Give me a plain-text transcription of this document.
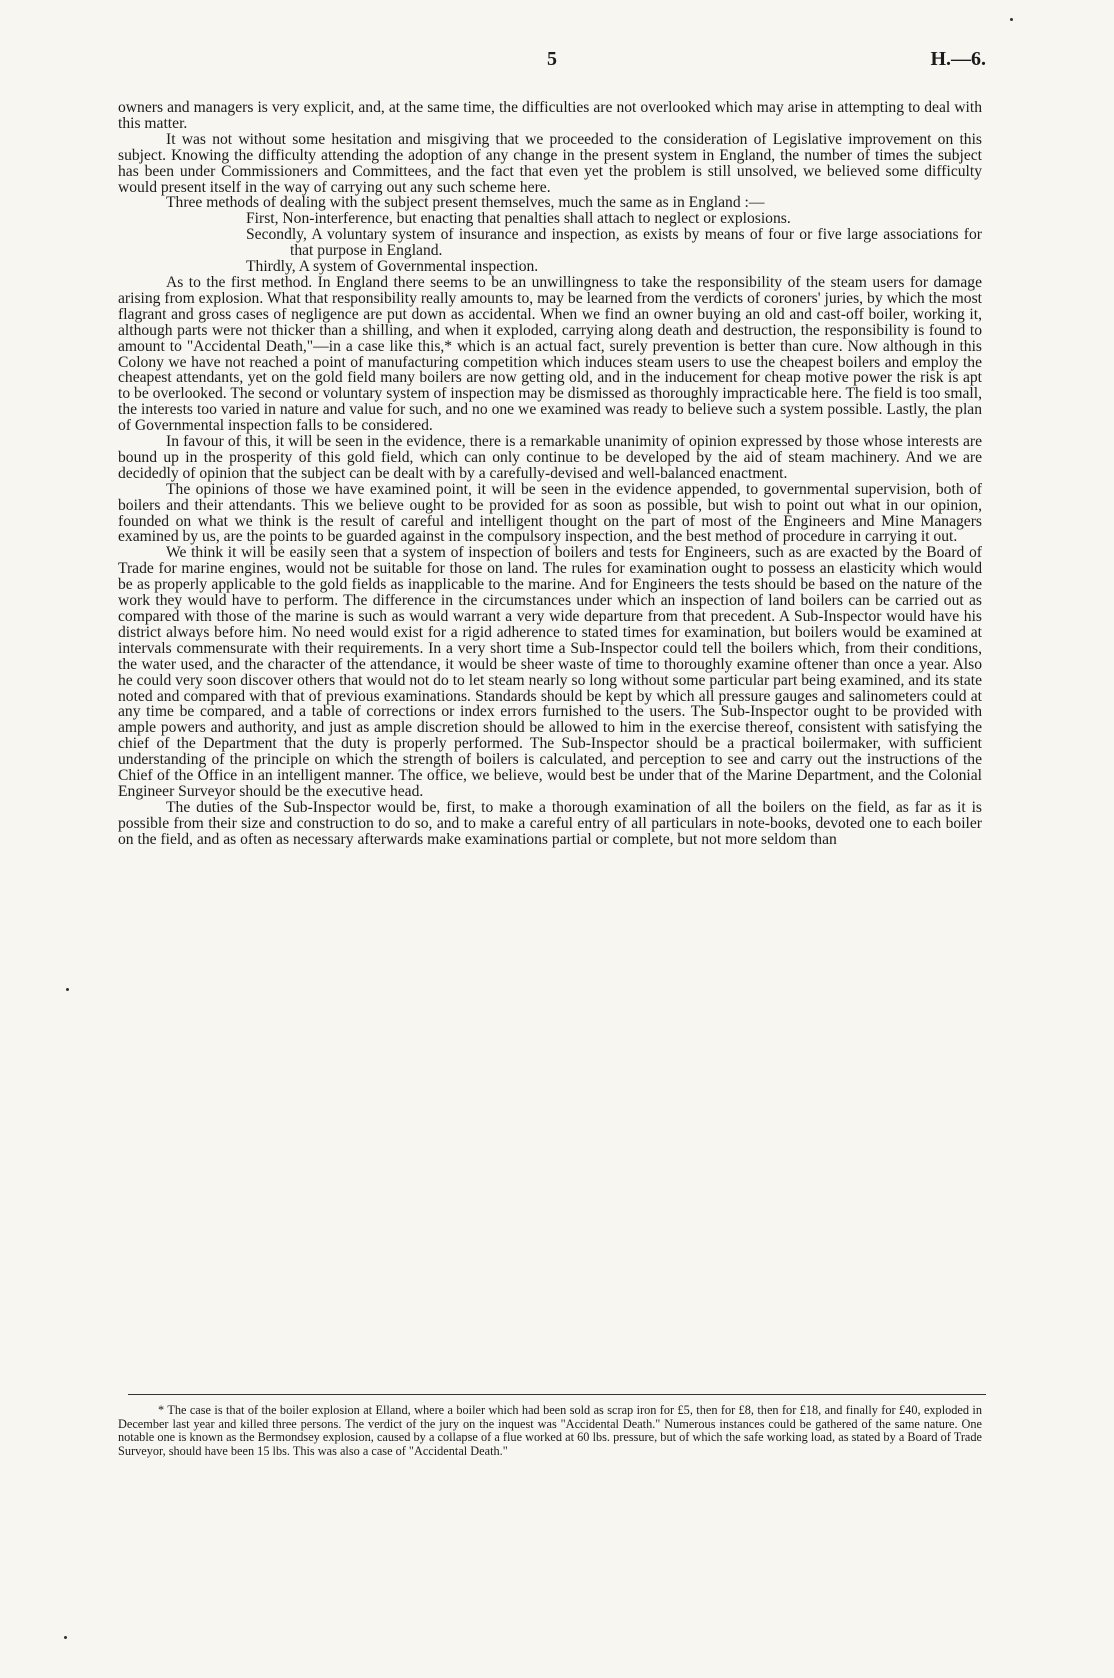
5	H.—6.

owners and managers is very explicit, and, at the same time, the difficulties are not overlooked which may arise in attempting to deal with this matter.

It was not without some hesitation and misgiving that we proceeded to the consideration of Legislative improvement on this subject. Knowing the difficulty attending the adoption of any change in the present system in England, the number of times the subject has been under Commissioners and Committees, and the fact that even yet the problem is still unsolved, we believed some difficulty would present itself in the way of carrying out any such scheme here.

Three methods of dealing with the subject present themselves, much the same as in England :—

First, Non-interference, but enacting that penalties shall attach to neglect or explosions.

Secondly, A voluntary system of insurance and inspection, as exists by means of four or five large associations for that purpose in England.

Thirdly, A system of Governmental inspection.

As to the first method. In England there seems to be an unwillingness to take the responsibility of the steam users for damage arising from explosion. What that responsibility really amounts to, may be learned from the verdicts of coroners' juries, by which the most flagrant and gross cases of negligence are put down as accidental. When we find an owner buying an old and cast-off boiler, working it, although parts were not thicker than a shilling, and when it exploded, carrying along death and destruction, the responsibility is found to amount to "Accidental Death,"—in a case like this,* which is an actual fact, surely prevention is better than cure. Now although in this Colony we have not reached a point of manufacturing competition which induces steam users to use the cheapest boilers and employ the cheapest attendants, yet on the gold field many boilers are now getting old, and in the inducement for cheap motive power the risk is apt to be overlooked. The second or voluntary system of inspection may be dismissed as thoroughly impracticable here. The field is too small, the interests too varied in nature and value for such, and no one we examined was ready to believe such a system possible. Lastly, the plan of Governmental inspection falls to be considered.

In favour of this, it will be seen in the evidence, there is a remarkable unanimity of opinion expressed by those whose interests are bound up in the prosperity of this gold field, which can only continue to be developed by the aid of steam machinery. And we are decidedly of opinion that the subject can be dealt with by a carefully-devised and well-balanced enactment.

The opinions of those we have examined point, it will be seen in the evidence appended, to governmental supervision, both of boilers and their attendants. This we believe ought to be provided for as soon as possible, but wish to point out what in our opinion, founded on what we think is the result of careful and intelligent thought on the part of most of the Engineers and Mine Managers examined by us, are the points to be guarded against in the compulsory inspection, and the best method of procedure in carrying it out.

We think it will be easily seen that a system of inspection of boilers and tests for Engineers, such as are exacted by the Board of Trade for marine engines, would not be suitable for those on land. The rules for examination ought to possess an elasticity which would be as properly applicable to the gold fields as inapplicable to the marine. And for Engineers the tests should be based on the nature of the work they would have to perform. The difference in the circumstances under which an inspection of land boilers can be carried out as compared with those of the marine is such as would warrant a very wide departure from that precedent. A Sub-Inspector would have his district always before him. No need would exist for a rigid adherence to stated times for examination, but boilers would be examined at intervals commensurate with their requirements. In a very short time a Sub-Inspector could tell the boilers which, from their conditions, the water used, and the character of the attendance, it would be sheer waste of time to thoroughly examine oftener than once a year. Also he could very soon discover others that would not do to let steam nearly so long without some particular part being examined, and its state noted and compared with that of previous examinations. Standards should be kept by which all pressure gauges and salinometers could at any time be compared, and a table of corrections or index errors furnished to the users. The Sub-Inspector ought to be provided with ample powers and authority, and just as ample discretion should be allowed to him in the exercise thereof, consistent with satisfying the chief of the Department that the duty is properly performed. The Sub-Inspector should be a practical boilermaker, with sufficient understanding of the principle on which the strength of boilers is calculated, and perception to see and carry out the instructions of the Chief of the Office in an intelligent manner. The office, we believe, would best be under that of the Marine Department, and the Colonial Engineer Surveyor should be the executive head.

The duties of the Sub-Inspector would be, first, to make a thorough examination of all the boilers on the field, as far as it is possible from their size and construction to do so, and to make a careful entry of all particulars in note-books, devoted one to each boiler on the field, and as often as necessary afterwards make examinations partial or complete, but not more seldom than

* The case is that of the boiler explosion at Elland, where a boiler which had been sold as scrap iron for £5, then for £8, then for £18, and finally for £40, exploded in December last year and killed three persons. The verdict of the jury on the inquest was "Accidental Death." Numerous instances could be gathered of the same nature. One notable one is known as the Bermondsey explosion, caused by a collapse of a flue worked at 60 lbs. pressure, but of which the safe working load, as stated by a Board of Trade Surveyor, should have been 15 lbs. This was also a case of "Accidental Death."
